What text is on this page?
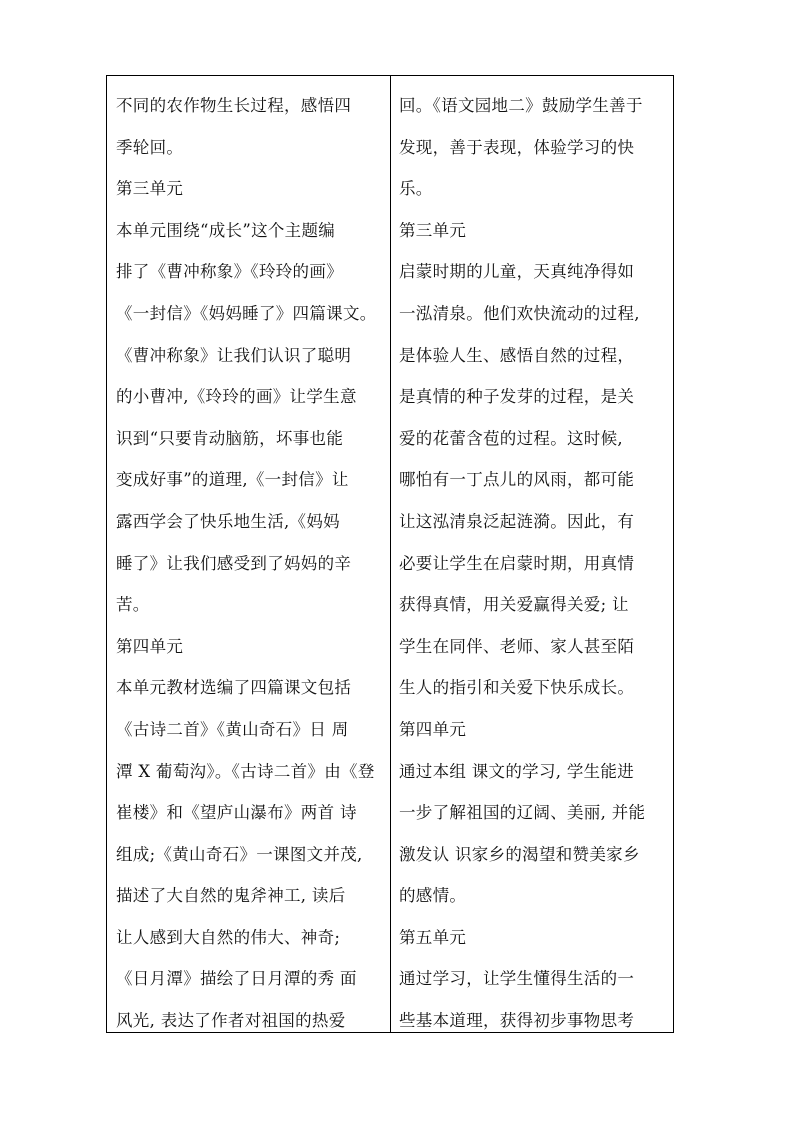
不同的农作物生长过程，感悟四
季轮回。
第三单元
本单元围绕“成长”这个主题编
排了《曹冲称象》《玲玲的画》
《一封信》《妈妈睡了》四篇课文。
《曹冲称象》让我们认识了聪明
的小曹冲,《玲玲的画》让学生意
识到“只要肯动脑筋，坏事也能
变成好事”的道理,《一封信》让
露西学会了快乐地生活,《妈妈
睡了》让我们感受到了妈妈的辛
苦。
第四单元
本单元教材选编了四篇课文包括
《古诗二首》《黄山奇石》日 周
潭 X 葡萄沟》。《古诗二首》由《登
崔楼》和《望庐山瀑布》两首 诗
组成;《黄山奇石》一课图文并茂,
描述了大自然的鬼斧神工, 读后
让人感到大自然的伟大、神奇;
《日月潭》描绘了日月潭的秀 面
风光, 表达了作者对祖国的热爱
回。《语文园地二》鼓励学生善于
发现，善于表现，体验学习的快
乐。
第三单元
启蒙时期的儿童，天真纯净得如
一泓清泉。他们欢快流动的过程,
是体验人生、感悟自然的过程，
是真情的种子发芽的过程，是关
爱的花蕾含苞的过程。这时候,
哪怕有一丁点儿的风雨，都可能
让这泓清泉泛起涟漪。因此，有
必要让学生在启蒙时期，用真情
获得真情，用关爱赢得关爱; 让
学生在同伴、老师、家人甚至陌
生人的指引和关爱下快乐成长。
第四单元
通过本组 课文的学习, 学生能进
一步了解祖国的辽阔、美丽, 并能
激发认 识家乡的渴望和赞美家乡
的感情。
第五单元
通过学习，让学生懂得生活的一
些基本道理，获得初步事物思考
